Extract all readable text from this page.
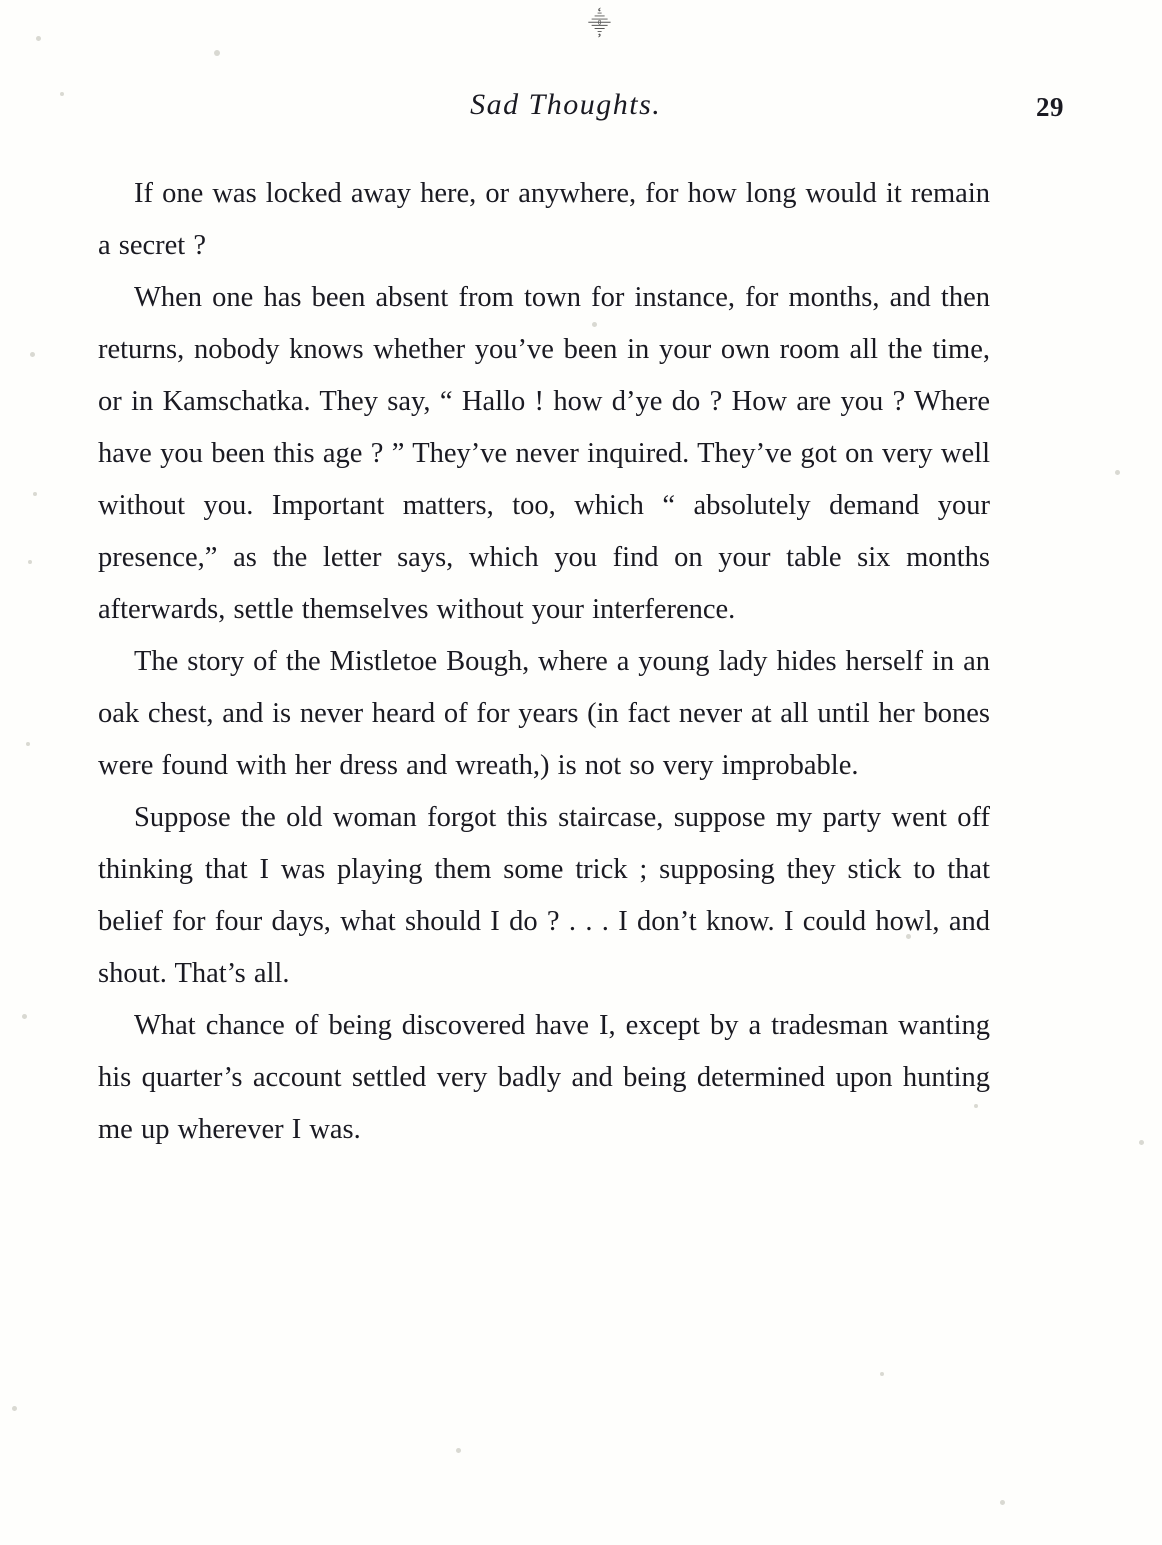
⸎
Sad Thoughts.	29

If one was locked away here, or anywhere, for how long would it remain a secret ?

When one has been absent from town for instance, for months, and then returns, nobody knows whether you’ve been in your own room all the time, or in Kamschatka. They say, “ Hallo ! how d’ye do ? How are you ? Where have you been this age ? ” They’ve never inquired. They’ve got on very well without you. Important matters, too, which “ absolutely demand your presence,” as the letter says, which you find on your table six months afterwards, settle themselves without your interference.

The story of the Mistletoe Bough, where a young lady hides herself in an oak chest, and is never heard of for years (in fact never at all until her bones were found with her dress and wreath,) is not so very improbable.

Suppose the old woman forgot this staircase, suppose my party went off thinking that I was playing them some trick ; supposing they stick to that belief for four days, what should I do ? . . . I don’t know. I could howl, and shout. That’s all.

What chance of being discovered have I, except by a tradesman wanting his quarter’s account settled very badly and being determined upon hunting me up wherever I was.
